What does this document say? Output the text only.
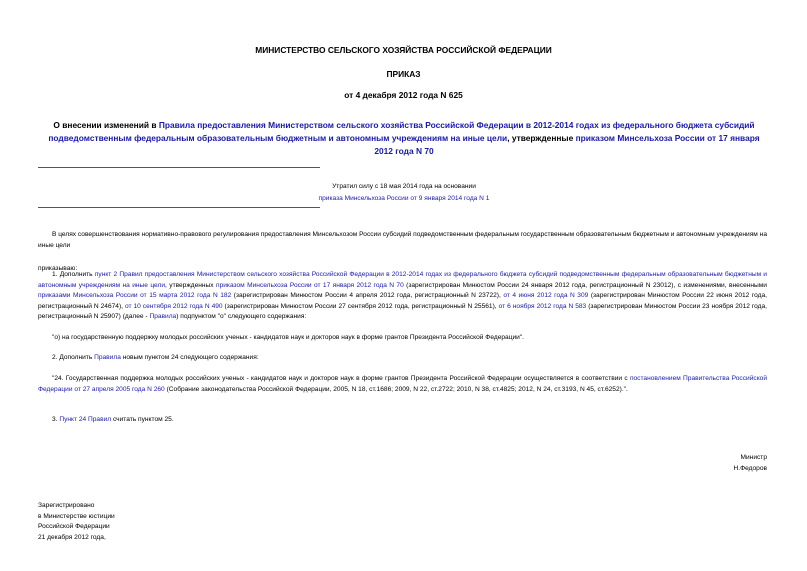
МИНИСТЕРСТВО СЕЛЬСКОГО ХОЗЯЙСТВА РОССИЙСКОЙ ФЕДЕРАЦИИ
ПРИКАЗ
от 4 декабря 2012 года N 625
О внесении изменений в Правила предоставления Министерством сельского хозяйства Российской Федерации в 2012-2014 годах из федерального бюджета субсидий подведомственным федеральным образовательным бюджетным и автономным учреждениям на иные цели, утвержденные приказом Минсельхоза России от 17 января 2012 года N 70
Утратил силу с 18 мая 2014 года на основании
приказа Минсельхоза России от 9 января 2014 года N 1
В целях совершенствования нормативно-правового регулирования предоставления Минсельхозом России субсидий подведомственным федеральным государственным образовательным бюджетным и автономным учреждениям на иные цели
приказываю:
1. Дополнить пункт 2 Правил предоставления Министерством сельского хозяйства Российской Федерации в 2012-2014 годах из федерального бюджета субсидий подведомственным федеральным образовательным бюджетным и автономным учреждениям на иные цели, утвержденных приказом Минсельхоза России от 17 января 2012 года N 70 (зарегистрирован Минюстом России 24 января 2012 года, регистрационный N 23012), с изменениями, внесенными приказами Минсельхоза России от 15 марта 2012 года N 182 (зарегистрирован Минюстом России 4 апреля 2012 года, регистрационный N 23722), от 4 июня 2012 года N 309 (зарегистрирован Минюстом России 22 июня 2012 года, регистрационный N 24674), от 10 сентября 2012 года N 490 (зарегистрирован Минюстом России 27 сентября 2012 года, регистрационный N 25561), от 6 ноября 2012 года N 583 (зарегистрирован Минюстом России 23 ноября 2012 года, регистрационный N 25907) (далее - Правила) подпунктом "о" следующего содержания:
"о) на государственную поддержку молодых российских ученых - кандидатов наук и докторов наук в форме грантов Президента Российской Федерации".
2. Дополнить Правила новым пунктом 24 следующего содержания:
"24. Государственная поддержка молодых российских ученых - кандидатов наук и докторов наук в форме грантов Президента Российской Федерации осуществляется в соответствии с постановлением Правительства Российской Федерации от 27 апреля 2005 года N 260 (Собрание законодательства Российской Федерации, 2005, N 18, ст.1686; 2009, N 22, ст.2722; 2010, N 38, ст.4825; 2012, N 24, ст.3193, N 45, ст.6252).".
3. Пункт 24 Правил считать пунктом 25.
Министр
Н.Федоров
Зарегистрировано
в Министерстве юстиции
Российской Федерации
21 декабря 2012 года,
